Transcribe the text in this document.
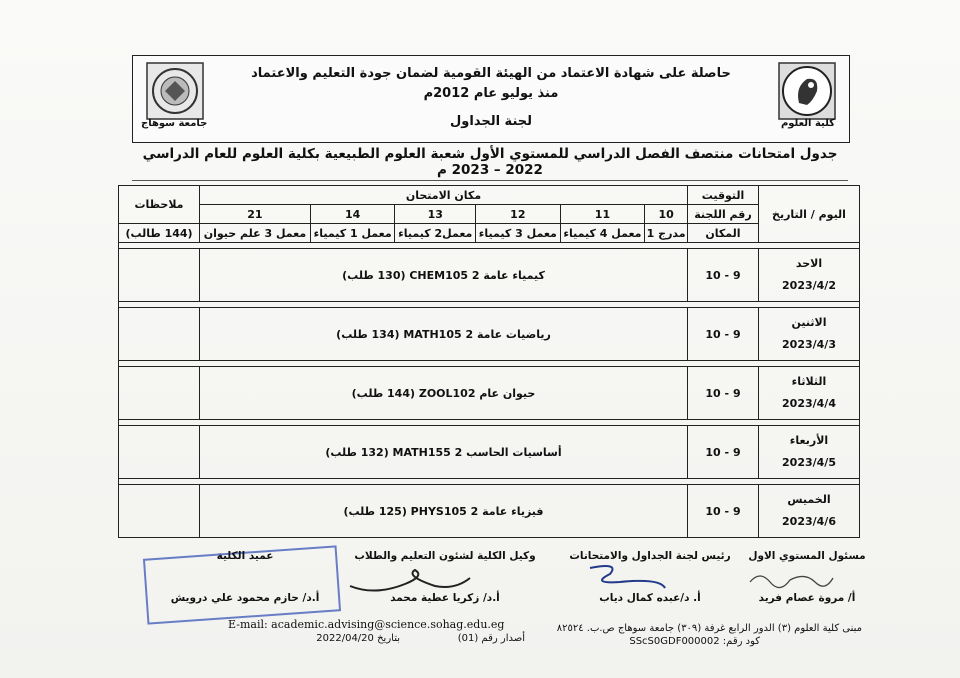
جامعة سوهاج	كلية العلوم
حاصلة على شهادة الاعتماد من الهيئة القومية لضمان جودة التعليم والاعتماد
منذ يوليو عام 2012م
لجنة الجداول
جدول امتحانات منتصف الفصل الدراسي للمستوي الأول شعبة العلوم الطبيعية بكلية العلوم للعام الدراسي 2022 – 2023 م
اليوم / التاريخ	التوقيت	مكان الامتحان						ملاحظات
	رقم اللجنة	10	11	12	13	14	21	
	المكان	مدرج 1	معمل 4 كيمياء	معمل 3 كيمياء	معمل2 كيمياء	معمل 1 كيمياء	معمل 3 علم حيوان	(144 طالب)

الاحد
2023/4/2	9 - 10	كيمياء عامة 2 CHEM105 (130 طلب)						

الاثنين
2023/4/3	9 - 10	رياضيات عامة 2 MATH105 (134 طلب)						

الثلاثاء
2023/4/4	9 - 10	حيوان عام ZOOL102 (144 طلب)						

الأربعاء
2023/4/5	9 - 10	أساسيات الحاسب 2 MATH155 (132 طلب)						

الخميس
2023/4/6	9 - 10	فيزياء عامة 2 PHYS105 (125 طلب)						
مسئول المستوي الاول
أ/ مروة عصام فريد
رئيس لجنة الجداول والامتحانات
أ. د/عبده كمال دياب
وكيل الكلية لشئون التعليم والطلاب
أ.د/ زكريا عطية محمد
عميد الكلية
أ.د/ حازم محمود علي درويش
مبنى كلية العلوم (٣) الدور الرابع غرفة (٣٠٩) جامعة سوهاج ص.ب. ٨٢٥٢٤
E-mail: academic.advising@science.sohag.edu.eg
كود رقم: SScS0GDF000002
أصدار رقم (01)
بتاريخ 2022/04/20
